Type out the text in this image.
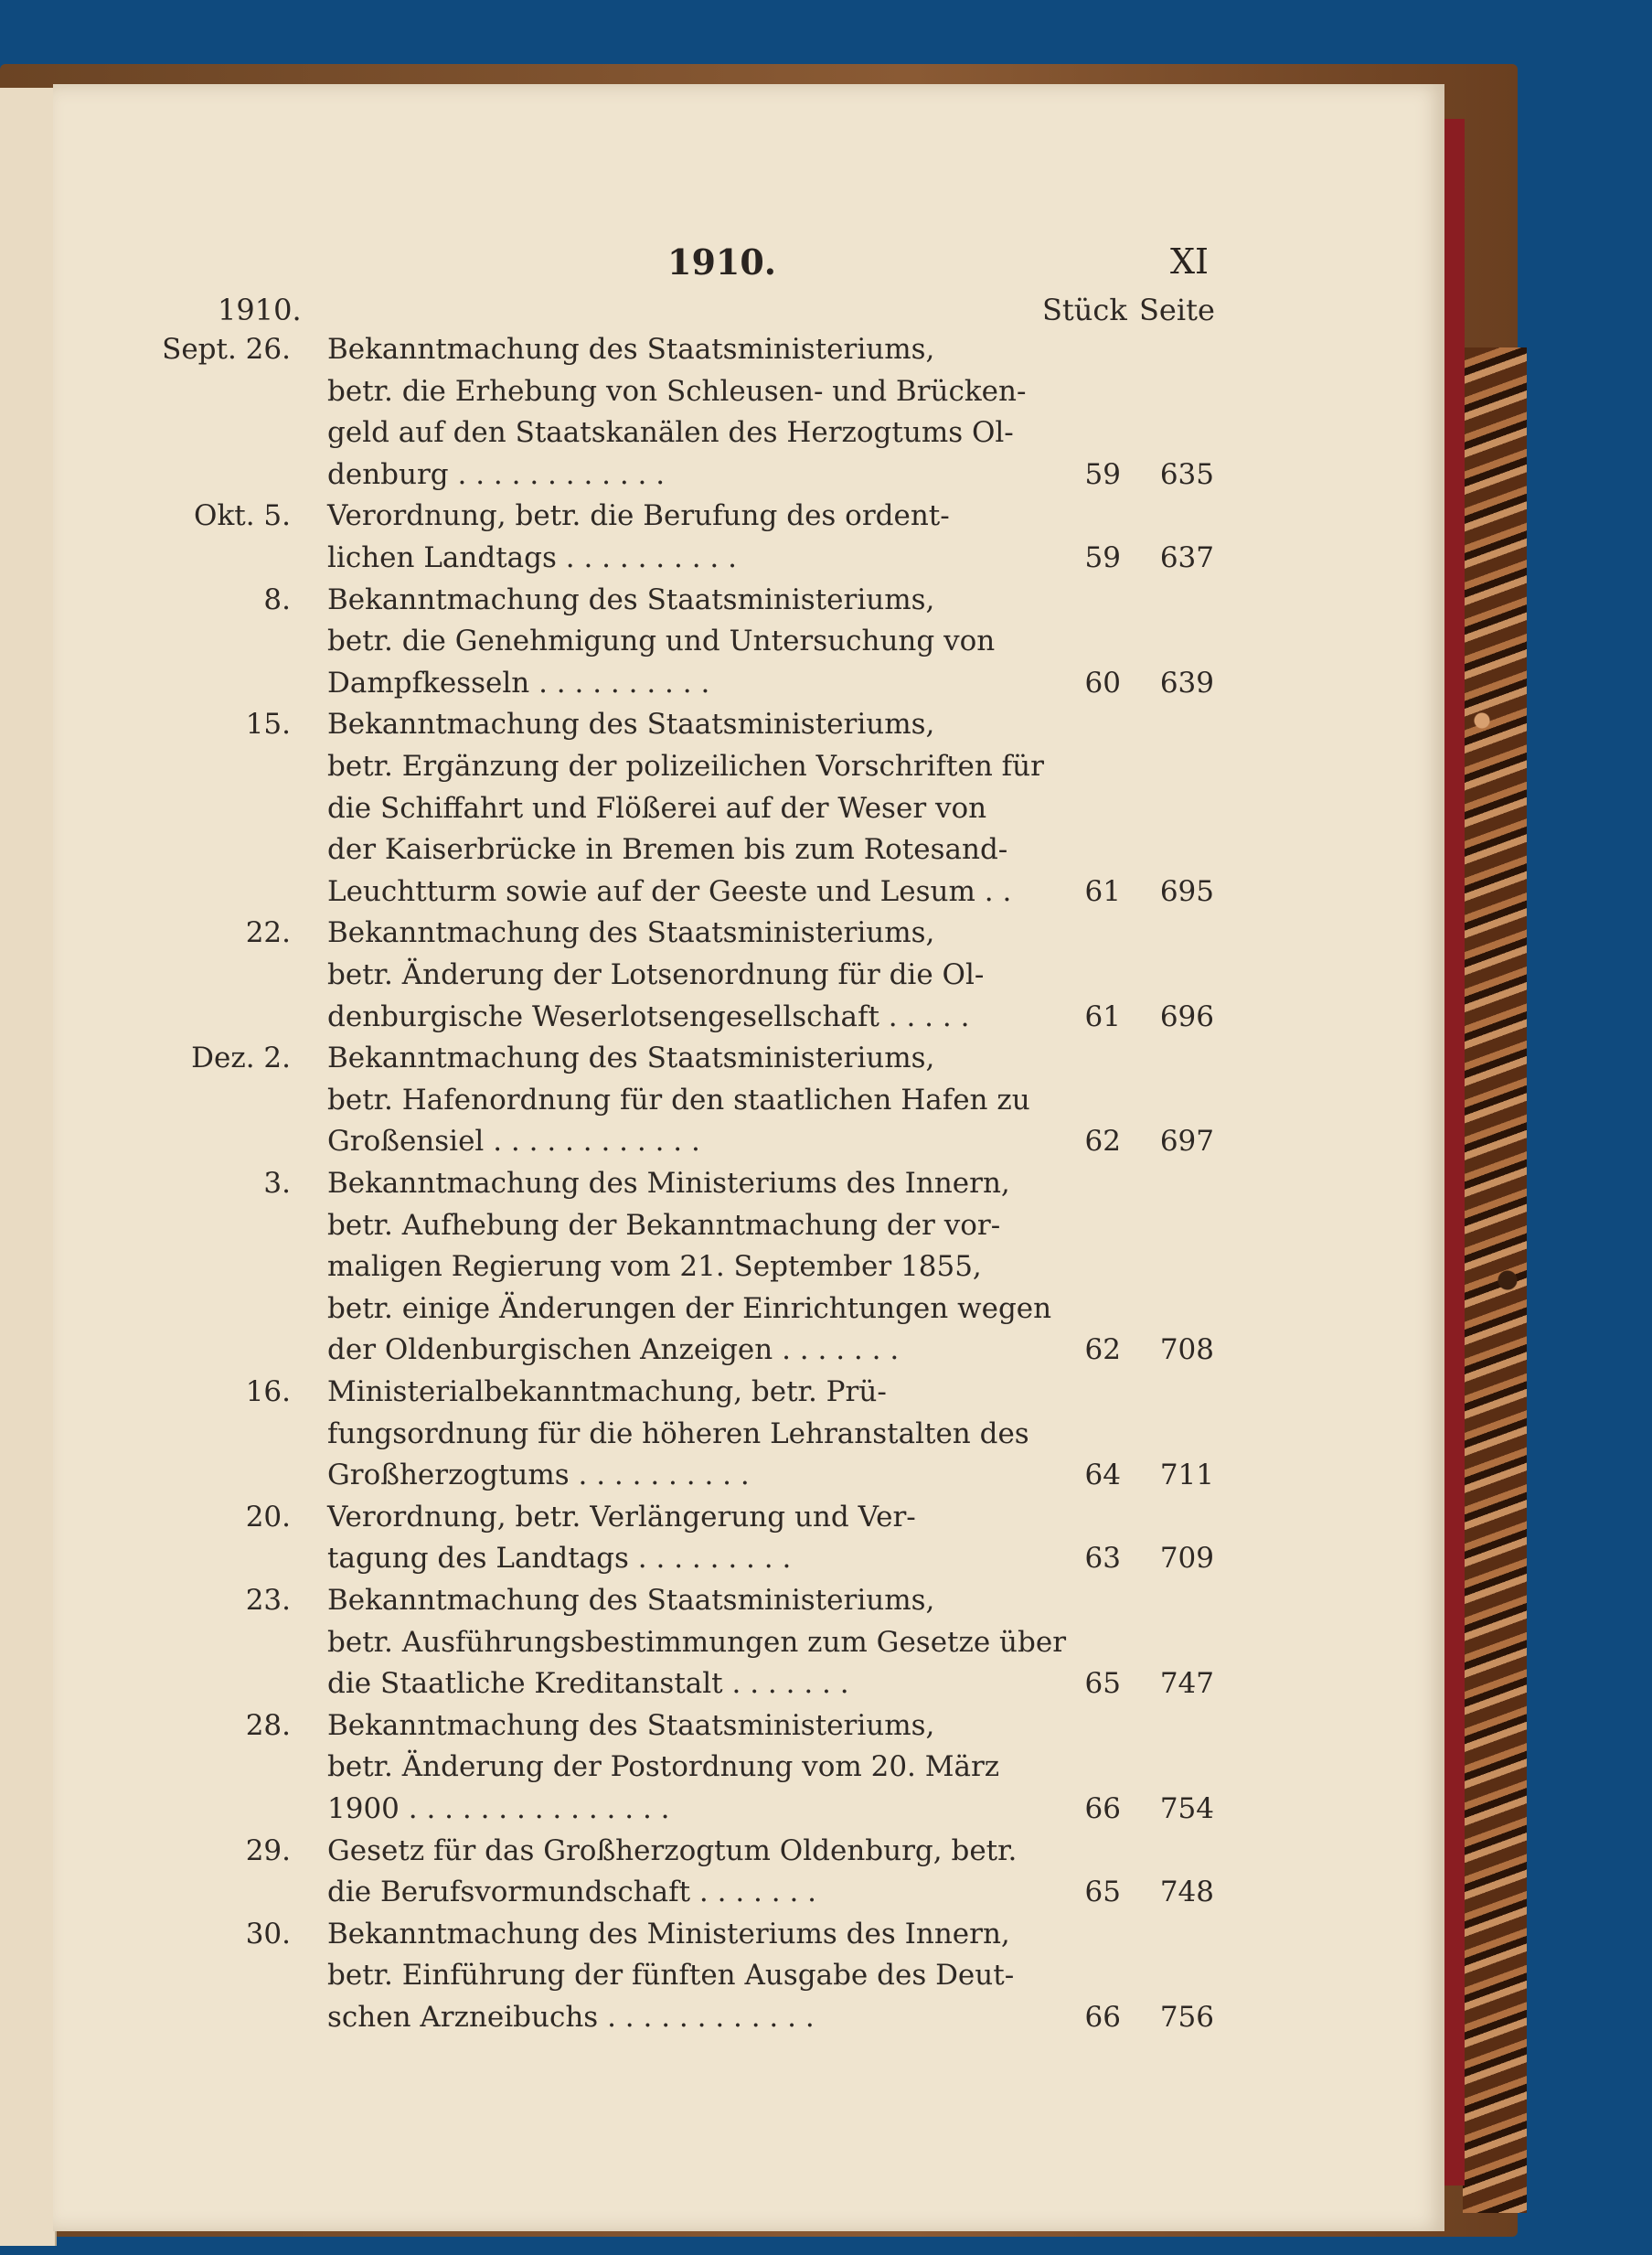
1910.	XI
1910.	Stück Seite
Sept. 26. Bekanntmachung des Staatsministeriums,
betr. die Erhebung von Schleusen- und Brücken-
geld auf den Staatskanälen des Herzogtums Ol-
denburg . . . . . . . . . . . .	59	635
Okt. 5. Verordnung, betr. die Berufung des ordent-
lichen Landtags . . . . . . . . . .	59	637
8. Bekanntmachung des Staatsministeriums,
betr. die Genehmigung und Untersuchung von
Dampfkesseln . . . . . . . . . .	60	639
15. Bekanntmachung des Staatsministeriums,
betr. Ergänzung der polizeilichen Vorschriften für
die Schiffahrt und Flößerei auf der Weser von
der Kaiserbrücke in Bremen bis zum Rotesand-
Leuchtturm sowie auf der Geeste und Lesum . .	61	695
22. Bekanntmachung des Staatsministeriums,
betr. Änderung der Lotsenordnung für die Ol-
denburgische Weserlotsengesellschaft . . . . .	61	696
Dez. 2. Bekanntmachung des Staatsministeriums,
betr. Hafenordnung für den staatlichen Hafen zu
Großensiel . . . . . . . . . . . .	62	697
3. Bekanntmachung des Ministeriums des Innern,
betr. Aufhebung der Bekanntmachung der vor-
maligen Regierung vom 21. September 1855,
betr. einige Änderungen der Einrichtungen wegen
der Oldenburgischen Anzeigen . . . . . . .	62	708
16. Ministerialbekanntmachung, betr. Prü-
fungsordnung für die höheren Lehranstalten des
Großherzogtums . . . . . . . . . .	64	711
20. Verordnung, betr. Verlängerung und Ver-
tagung des Landtags . . . . . . . . .	63	709
23. Bekanntmachung des Staatsministeriums,
betr. Ausführungsbestimmungen zum Gesetze über
die Staatliche Kreditanstalt . . . . . . .	65	747
28. Bekanntmachung des Staatsministeriums,
betr. Änderung der Postordnung vom 20. März
1900 . . . . . . . . . . . . . . .	66	754
29. Gesetz für das Großherzogtum Oldenburg, betr.
die Berufsvormundschaft . . . . . . .	65	748
30. Bekanntmachung des Ministeriums des Innern,
betr. Einführung der fünften Ausgabe des Deut-
schen Arzneibuchs . . . . . . . . . . . .	66	756
